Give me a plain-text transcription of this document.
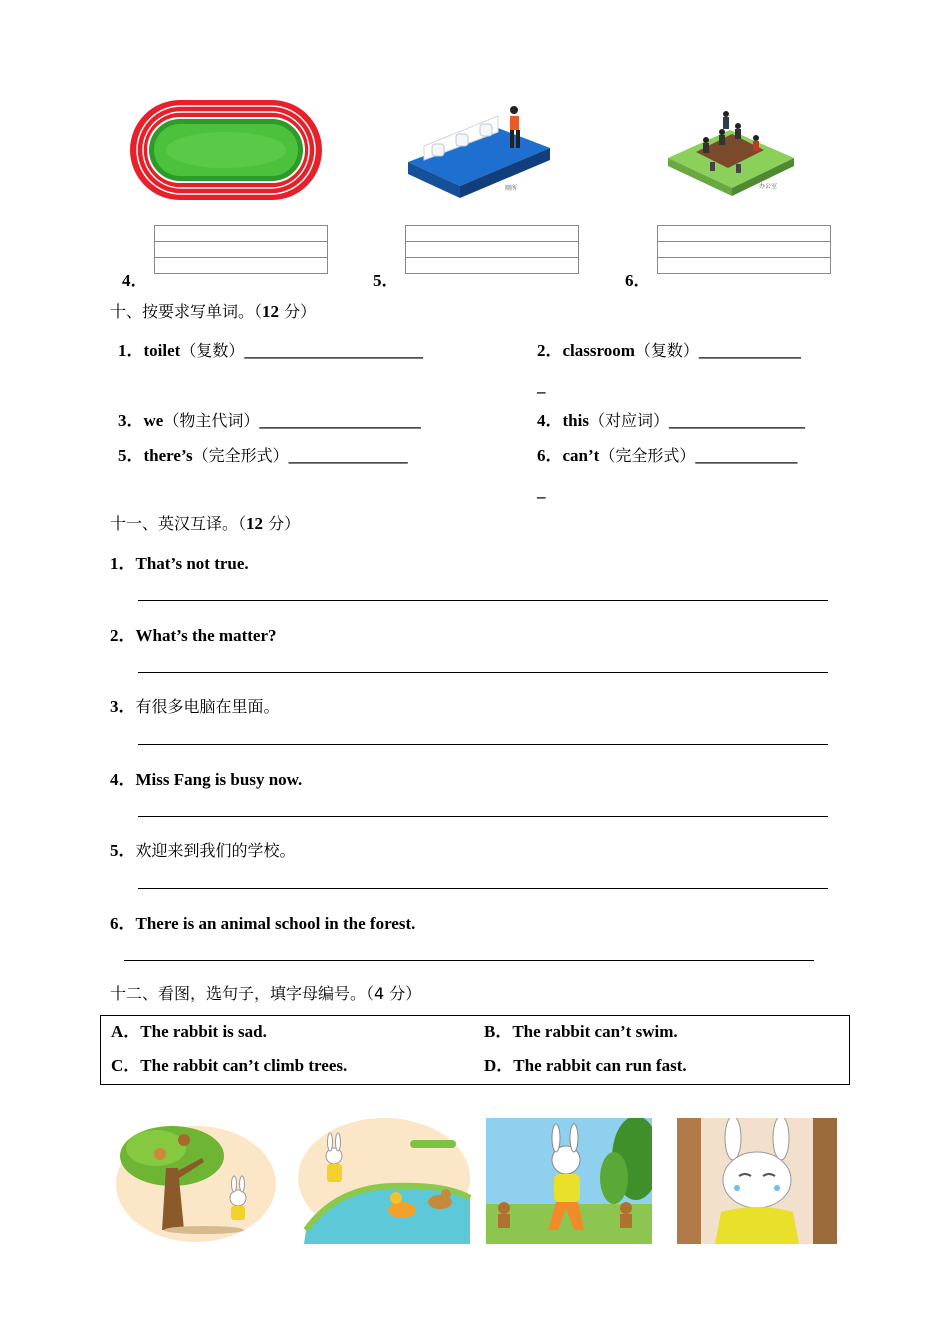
厕所	办公室
4．	5．	6．
十、按要求写单词。（12 分）
1．toilet（复数）_____________________	2．classroom（复数）____________
_
3．we（物主代词）___________________	4．this（对应词）________________
5．there’s（完全形式）______________	6．can’t（完全形式）____________
_
十一、英汉互译。（12 分）
1．That’s not true.
2．What’s the matter?
3．有很多电脑在里面。
4．Miss Fang is busy now.
5．欢迎来到我们的学校。
6．There is an animal school in the forest.
十二、看图，选句子，填字母编号。（4 分）
A．The rabbit is sad.	B．The rabbit can’t swim.
C．The rabbit can’t climb trees.	D．The rabbit can run fast.
